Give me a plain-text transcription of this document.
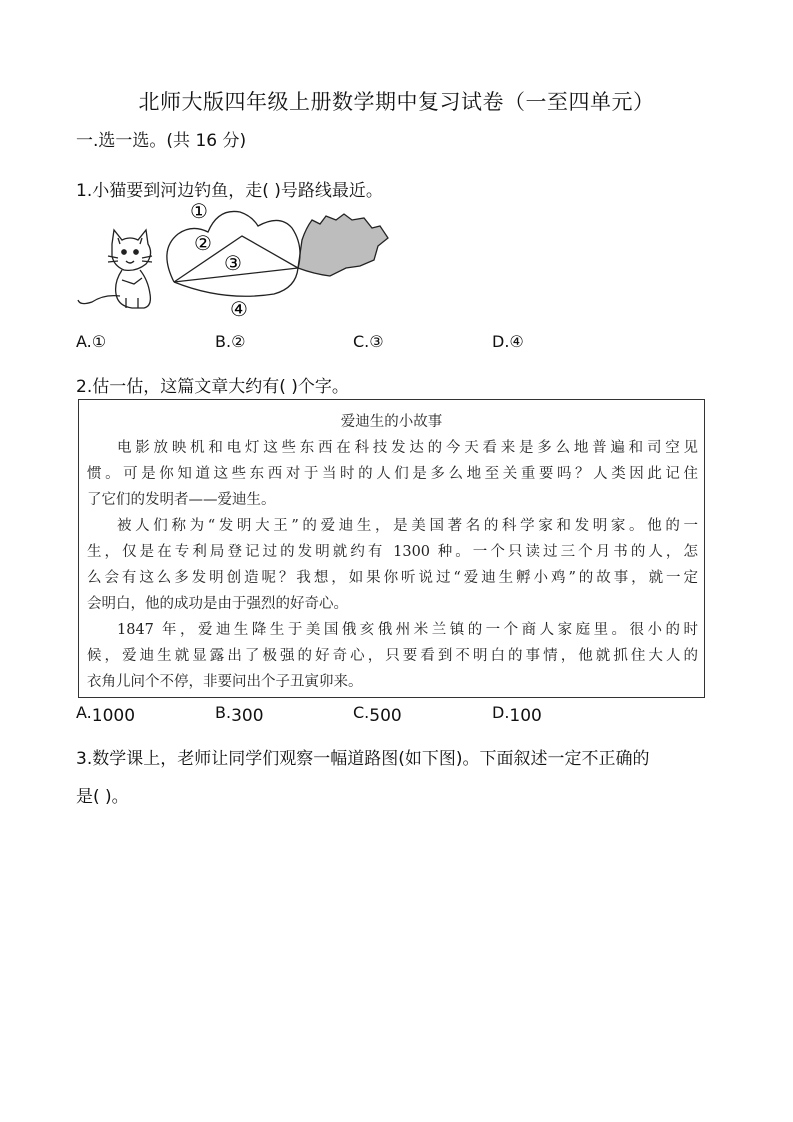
北师大版四年级上册数学期中复习试卷（一至四单元）
一.选一选。(共 16 分)
1.小猫要到河边钓鱼，走( )号路线最近。
①
②
③
④
A.①	B.②	C.③	D.④
2.估一估，这篇文章大约有( )个字。
爱迪生的小故事
电影放映机和电灯这些东西在科技发达的今天看来是多么地普遍和司空见
惯。可是你知道这些东西对于当时的人们是多么地至关重要吗？人类因此记住
了它们的发明者——爱迪生。
被人们称为“发明大王”的爱迪生，是美国著名的科学家和发明家。他的一
生，仅是在专利局登记过的发明就约有 1300 种。一个只读过三个月书的人，怎
么会有这么多发明创造呢？我想，如果你听说过“爱迪生孵小鸡”的故事，就一定
会明白，他的成功是由于强烈的好奇心。
1847 年，爱迪生降生于美国俄亥俄州米兰镇的一个商人家庭里。很小的时
候，爱迪生就显露出了极强的好奇心，只要看到不明白的事情，他就抓住大人的
衣角儿问个不停，非要问出个子丑寅卯来。
A.1000	B.300	C.500	D.100
3.数学课上，老师让同学们观察一幅道路图(如下图)。下面叙述一定不正确的
是( )。
